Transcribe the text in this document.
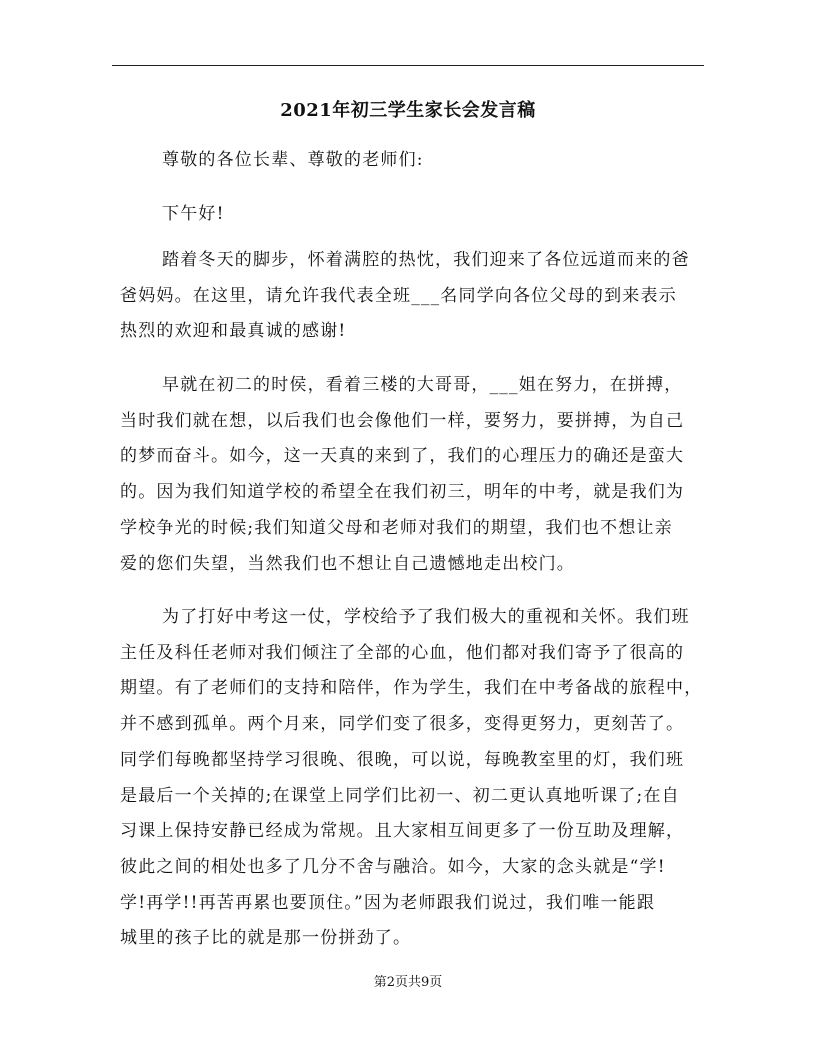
2021年初三学生家长会发言稿

尊敬的各位长辈、尊敬的老师们:

下午好!

踏着冬天的脚步，怀着满腔的热忱，我们迎来了各位远道而来的爸
爸妈妈。在这里，请允许我代表全班___名同学向各位父母的到来表示
热烈的欢迎和最真诚的感谢!
早就在初二的时侯，看着三楼的大哥哥，___姐在努力，在拼搏，
当时我们就在想，以后我们也会像他们一样，要努力，要拼搏，为自己
的梦而奋斗。如今，这一天真的来到了，我们的心理压力的确还是蛮大
的。因为我们知道学校的希望全在我们初三，明年的中考，就是我们为
学校争光的时候;我们知道父母和老师对我们的期望，我们也不想让亲
爱的您们失望，当然我们也不想让自己遗憾地走出校门。
为了打好中考这一仗，学校给予了我们极大的重视和关怀。我们班
主任及科任老师对我们倾注了全部的心血，他们都对我们寄予了很高的
期望。有了老师们的支持和陪伴，作为学生，我们在中考备战的旅程中，
并不感到孤单。两个月来，同学们变了很多，变得更努力，更刻苦了。
同学们每晚都坚持学习很晚、很晚，可以说，每晚教室里的灯，我们班
是最后一个关掉的;在课堂上同学们比初一、初二更认真地听课了;在自
习课上保持安静已经成为常规。且大家相互间更多了一份互助及理解，
彼此之间的相处也多了几分不舍与融洽。如今，大家的念头就是“学!
学!再学!!再苦再累也要顶住。”因为老师跟我们说过，我们唯一能跟
城里的孩子比的就是那一份拼劲了。
第2页共9页
